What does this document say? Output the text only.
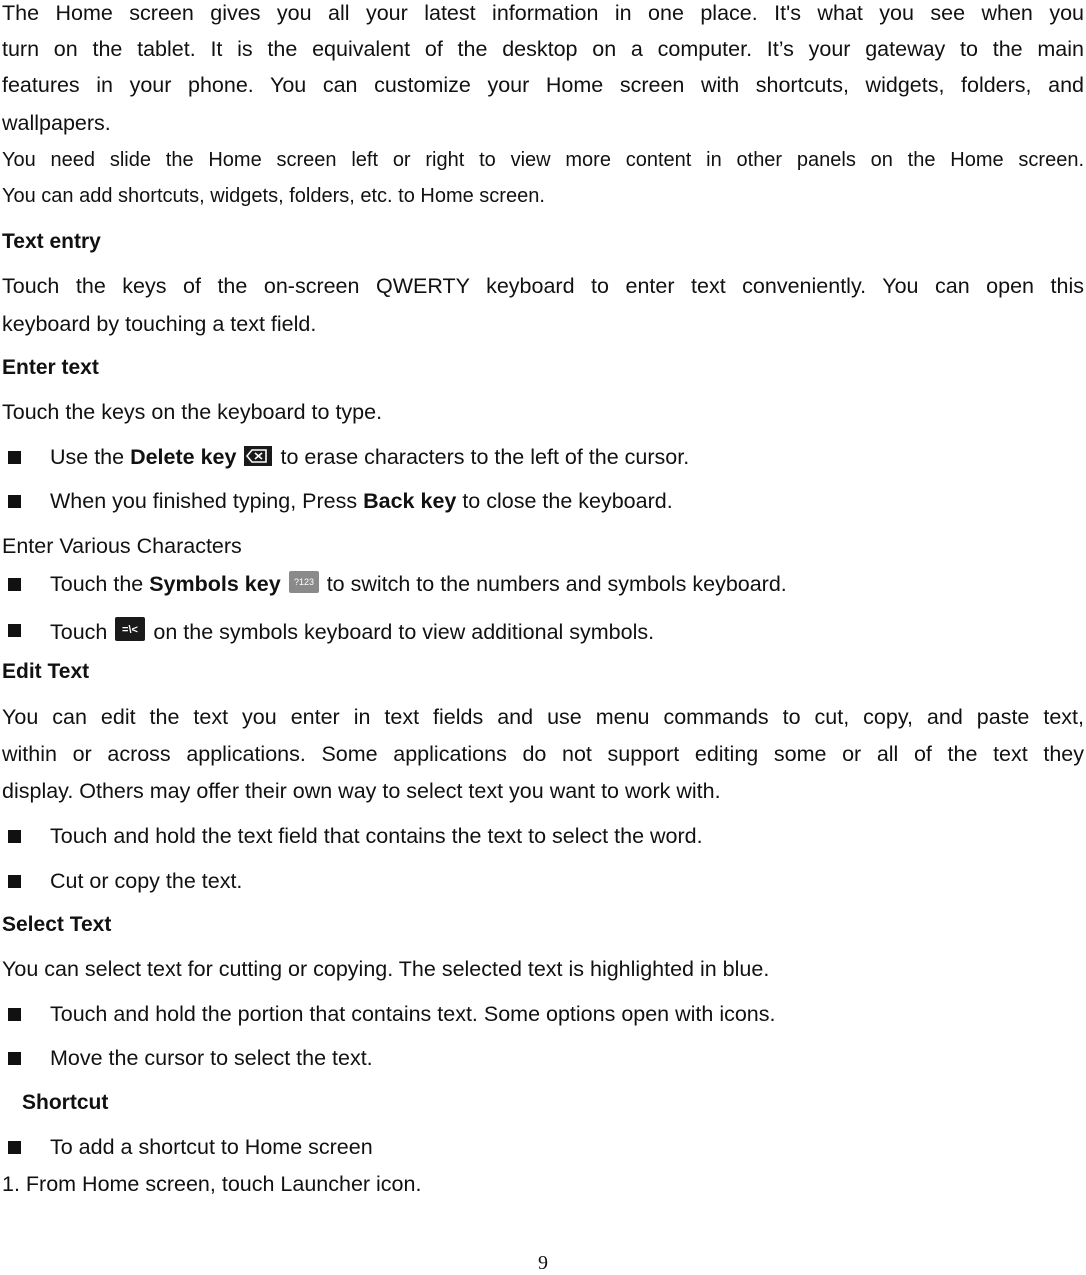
The Home screen gives you all your latest information in one place. It's what you see when you
turn on the tablet. It is the equivalent of the desktop on a computer. It’s your gateway to the main
features in your phone. You can customize your Home screen with shortcuts, widgets, folders, and
wallpapers.
You need slide the Home screen left or right to view more content in other panels on the Home screen.
You can add shortcuts, widgets, folders, etc. to Home screen.
Text entry
Touch the keys of the on-screen QWERTY keyboard to enter text conveniently. You can open this
keyboard by touching a text field.
Enter text
Touch the keys on the keyboard to type.
Use the Delete key to erase characters to the left of the cursor.
When you finished typing, Press Back key to close the keyboard.
Enter Various Characters
Touch the Symbols key ?123 to switch to the numbers and symbols keyboard.
Touch =\< on the symbols keyboard to view additional symbols.
Edit Text
You can edit the text you enter in text fields and use menu commands to cut, copy, and paste text,
within or across applications. Some applications do not support editing some or all of the text they
display. Others may offer their own way to select text you want to work with.
Touch and hold the text field that contains the text to select the word.
Cut or copy the text.
Select Text
You can select text for cutting or copying. The selected text is highlighted in blue.
Touch and hold the portion that contains text. Some options open with icons.
Move the cursor to select the text.
Shortcut
To add a shortcut to Home screen
1. From Home screen, touch Launcher icon.
9
